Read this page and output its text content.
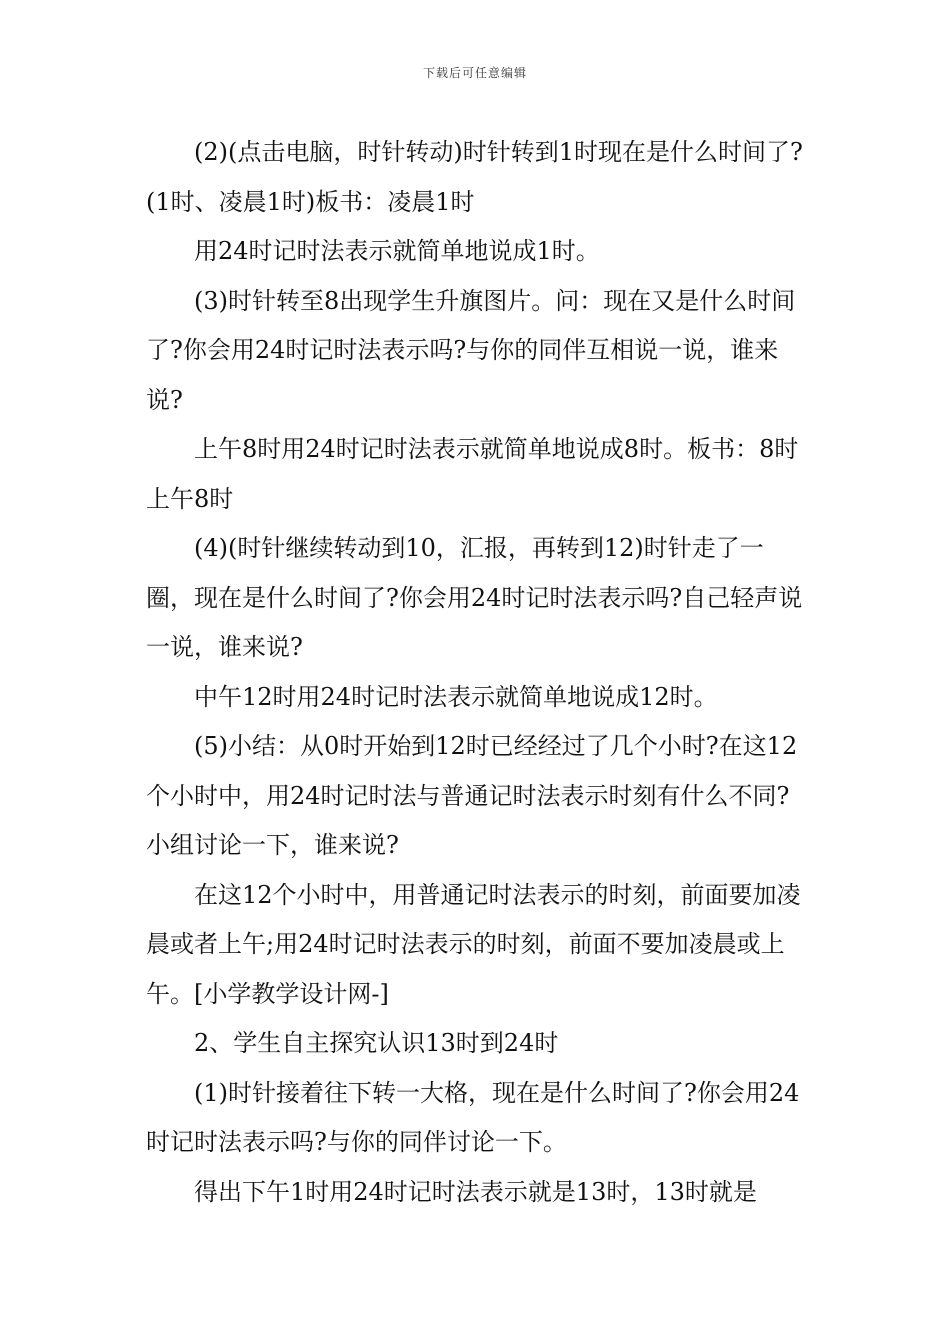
下载后可任意编辑

(2)(点击电脑，时针转动)时针转到1时现在是什么时间了?(1时、凌晨1时)板书：凌晨1时

用24时记时法表示就简单地说成1时。

(3)时针转至8出现学生升旗图片。问：现在又是什么时间了?你会用24时记时法表示吗?与你的同伴互相说一说，谁来说?

上午8时用24时记时法表示就简单地说成8时。板书：8时上午8时

(4)(时针继续转动到10，汇报，再转到12)时针走了一圈，现在是什么时间了?你会用24时记时法表示吗?自己轻声说一说，谁来说?

中午12时用24时记时法表示就简单地说成12时。

(5)小结：从0时开始到12时已经经过了几个小时?在这12个小时中，用24时记时法与普通记时法表示时刻有什么不同?小组讨论一下，谁来说?

在这12个小时中，用普通记时法表示的时刻，前面要加凌晨或者上午;用24时记时法表示的时刻，前面不要加凌晨或上午。[小学教学设计网-]

2、学生自主探究认识13时到24时

(1)时针接着往下转一大格，现在是什么时间了?你会用24时记时法表示吗?与你的同伴讨论一下。

得出下午1时用24时记时法表示就是13时，13时就是
